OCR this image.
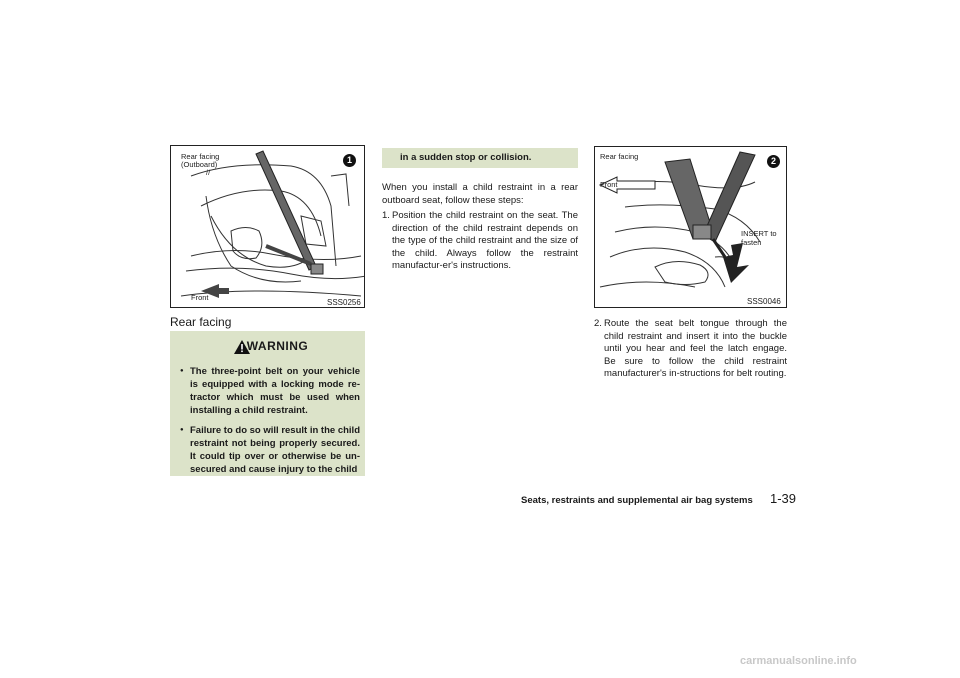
Rear facing
(Outboard)
//
Front
1
SSS0256
Rear facing
WARNING
● The three-point belt on your vehicle is equipped with a locking mode re-tractor which must be used when installing a child restraint.
● Failure to do so will result in the child restraint not being properly secured. It could tip over or otherwise be un-secured and cause injury to the child
in a sudden stop or collision.

When you install a child restraint in a rear outboard seat, follow these steps:

1. Position the child restraint on the seat. The direction of the child restraint depends on the type of the child restraint and the size of the child. Always follow the restraint manufactur-er's instructions.
Rear facing
Front
INSERT to
fasten
2
SSS0046
2. Route the seat belt tongue through the child restraint and insert it into the buckle until you hear and feel the latch engage. Be sure to follow the child restraint manufacturer's in-structions for belt routing.
Seats, restraints and supplemental air bag systems 1-39
carmanualsonline.info
